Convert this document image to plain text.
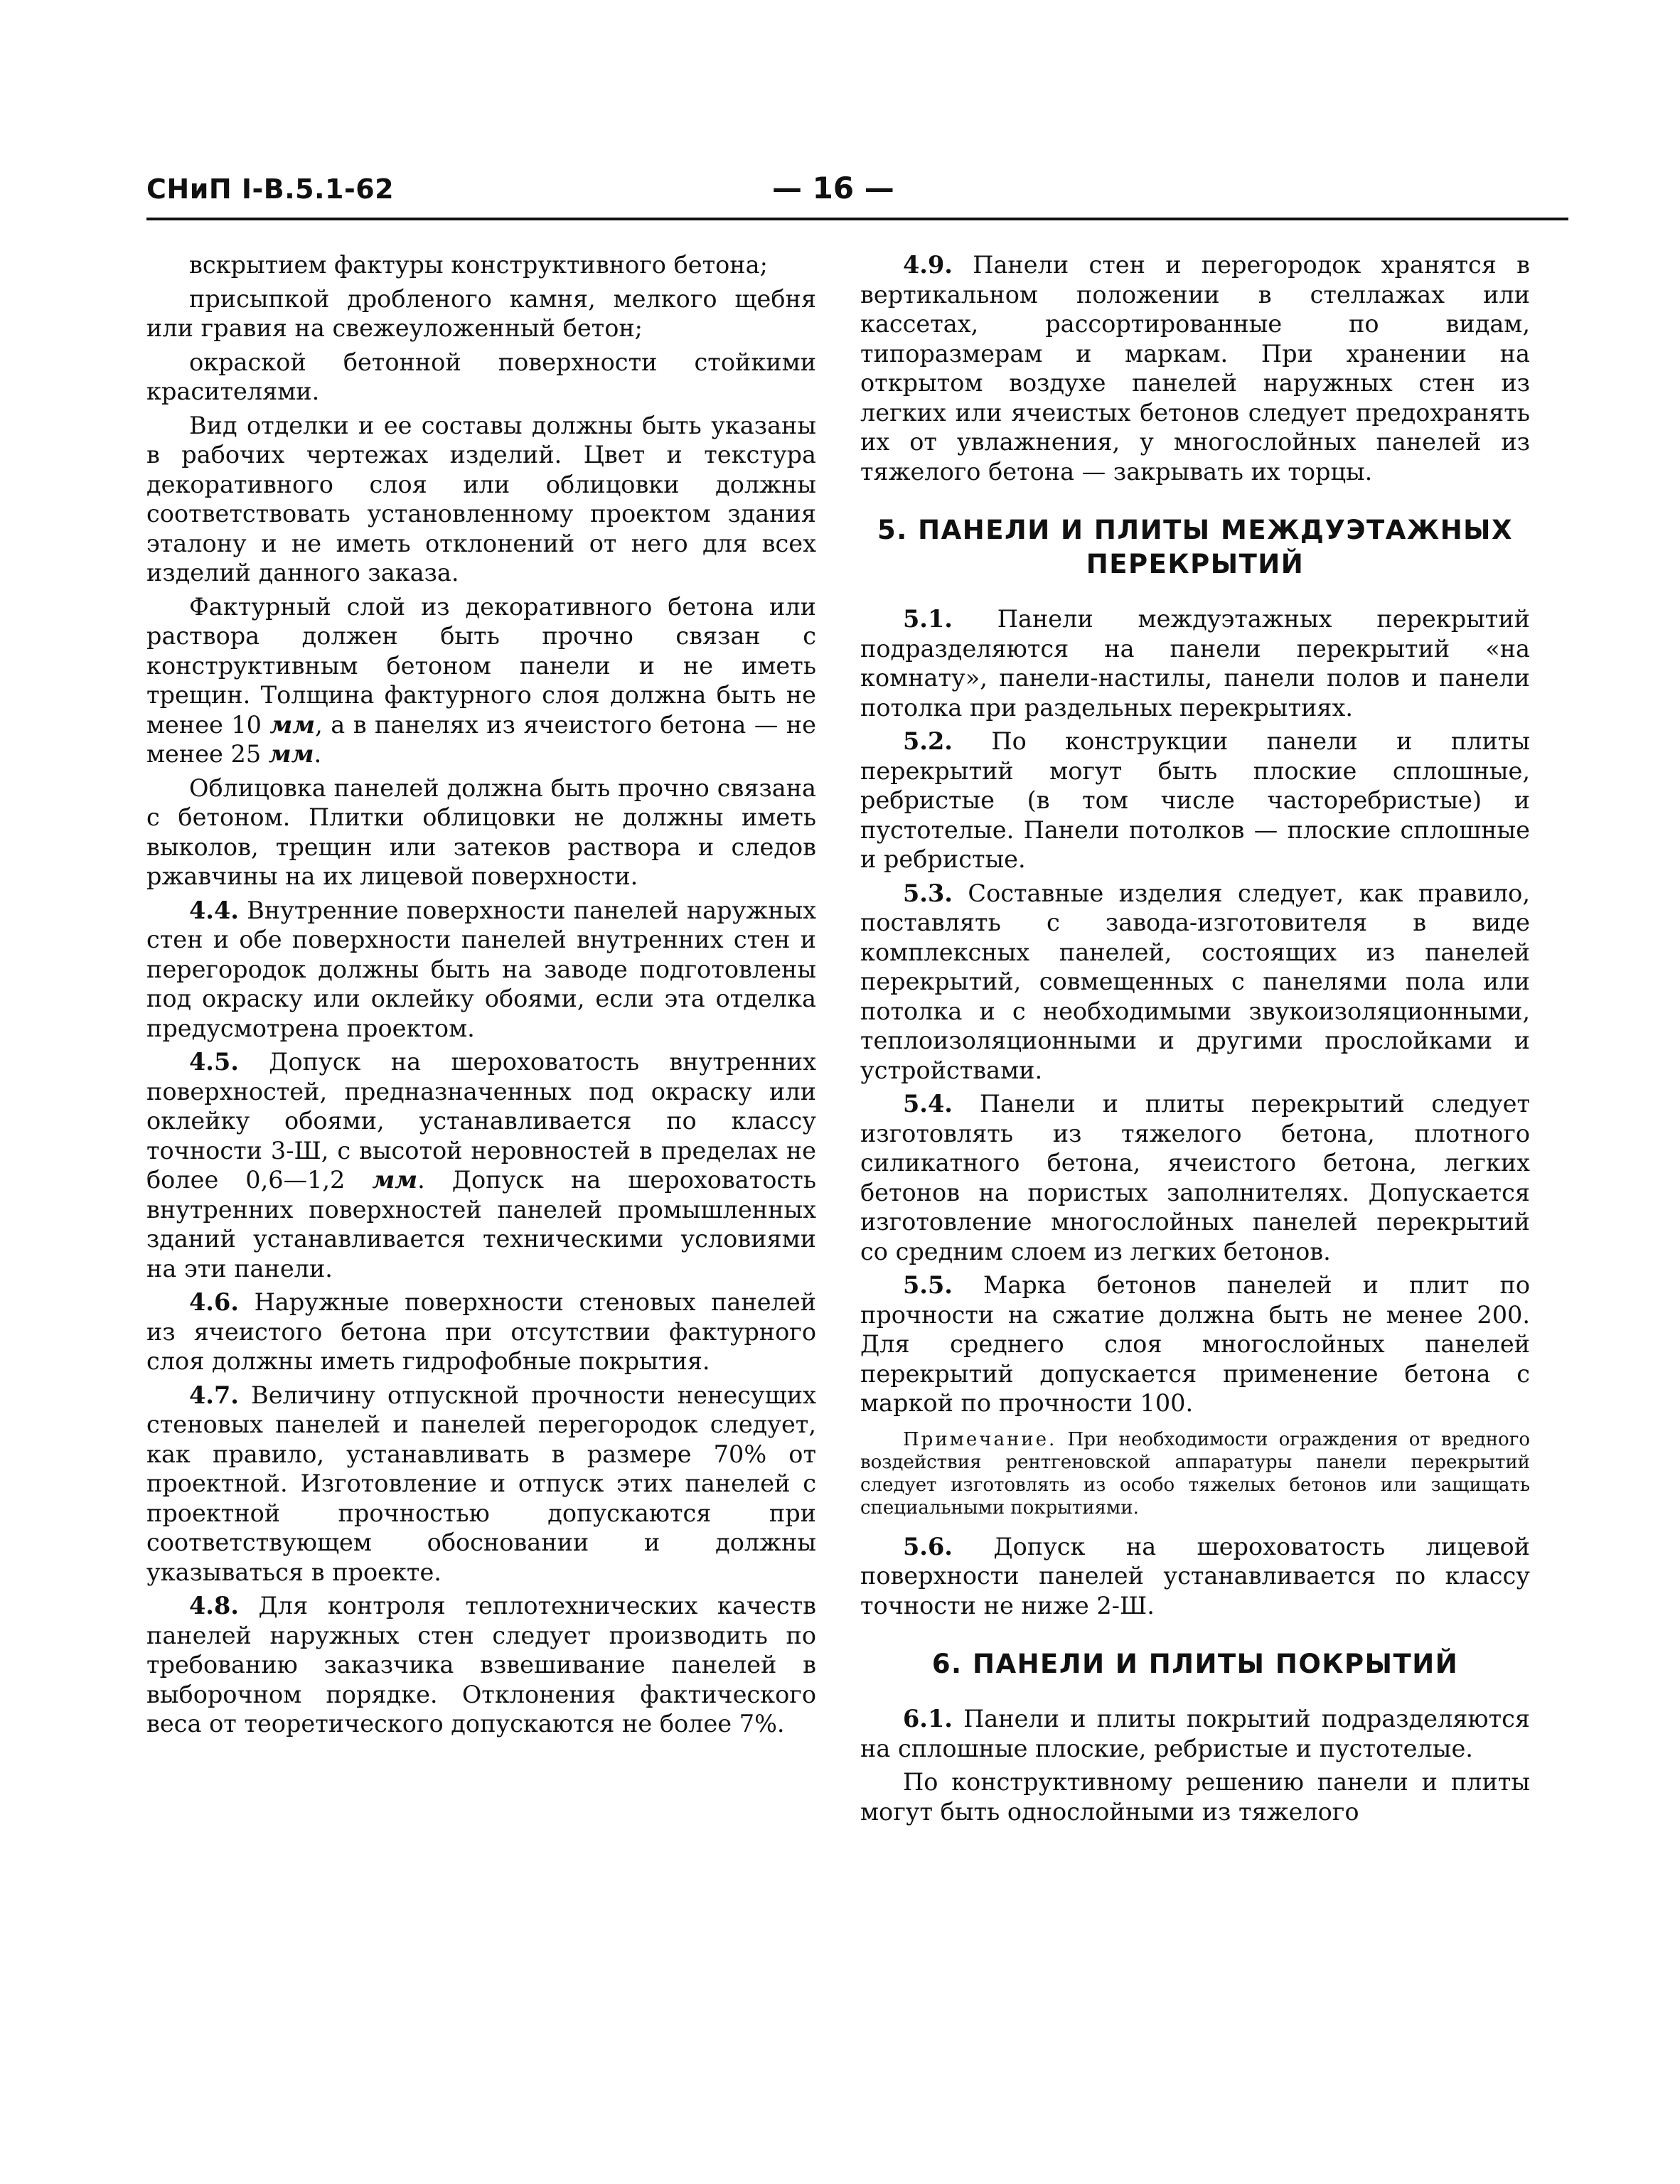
СНиП I-В.5.1-62	— 16 —

вскрытием фактуры конструктивного бетона;

присыпкой дробленого камня, мелкого щебня или гравия на свежеуложенный бетон;

окраской бетонной поверхности стойкими красителями.

Вид отделки и ее составы должны быть указаны в рабочих чертежах изделий. Цвет и текстура декоративного слоя или облицовки должны соответствовать установленному проектом здания эталону и не иметь отклонений от него для всех изделий данного заказа.

Фактурный слой из декоративного бетона или раствора должен быть прочно связан с конструктивным бетоном панели и не иметь трещин. Толщина фактурного слоя должна быть не менее 10 мм, а в панелях из ячеистого бетона — не менее 25 мм.

Облицовка панелей должна быть прочно связана с бетоном. Плитки облицовки не должны иметь выколов, трещин или затеков раствора и следов ржавчины на их лицевой поверхности.

4.4. Внутренние поверхности панелей наружных стен и обе поверхности панелей внутренних стен и перегородок должны быть на заводе подготовлены под окраску или оклейку обоями, если эта отделка предусмотрена проектом.

4.5. Допуск на шероховатость внутренних поверхностей, предназначенных под окраску или оклейку обоями, устанавливается по классу точности 3-Ш, с высотой неровностей в пределах не более 0,6—1,2 мм. Допуск на шероховатость внутренних поверхностей панелей промышленных зданий устанавливается техническими условиями на эти панели.

4.6. Наружные поверхности стеновых панелей из ячеистого бетона при отсутствии фактурного слоя должны иметь гидрофобные покрытия.

4.7. Величину отпускной прочности ненесущих стеновых панелей и панелей перегородок следует, как правило, устанавливать в размере 70% от проектной. Изготовление и отпуск этих панелей с проектной прочностью допускаются при соответствующем обосновании и должны указываться в проекте.

4.8. Для контроля теплотехнических качеств панелей наружных стен следует производить по требованию заказчика взвешивание панелей в выборочном порядке. Отклонения фактического веса от теоретического допускаются не более 7%.

4.9. Панели стен и перегородок хранятся в вертикальном положении в стеллажах или кассетах, рассортированные по видам, типоразмерам и маркам. При хранении на открытом воздухе панелей наружных стен из легких или ячеистых бетонов следует предохранять их от увлажнения, у многослойных панелей из тяжелого бетона — закрывать их торцы.

5. ПАНЕЛИ И ПЛИТЫ МЕЖДУЭТАЖНЫХ ПЕРЕКРЫТИЙ

5.1. Панели междуэтажных перекрытий подразделяются на панели перекрытий «на комнату», панели-настилы, панели полов и панели потолка при раздельных перекрытиях.

5.2. По конструкции панели и плиты перекрытий могут быть плоские сплошные, ребристые (в том числе часторебристые) и пустотелые. Панели потолков — плоские сплошные и ребристые.

5.3. Составные изделия следует, как правило, поставлять с завода-изготовителя в виде комплексных панелей, состоящих из панелей перекрытий, совмещенных с панелями пола или потолка и с необходимыми звукоизоляционными, теплоизоляционными и другими прослойками и устройствами.

5.4. Панели и плиты перекрытий следует изготовлять из тяжелого бетона, плотного силикатного бетона, ячеистого бетона, легких бетонов на пористых заполнителях. Допускается изготовление многослойных панелей перекрытий со средним слоем из легких бетонов.

5.5. Марка бетонов панелей и плит по прочности на сжатие должна быть не менее 200. Для среднего слоя многослойных панелей перекрытий допускается применение бетона с маркой по прочности 100.

Примечание. При необходимости ограждения от вредного воздействия рентгеновской аппаратуры панели перекрытий следует изготовлять из особо тяжелых бетонов или защищать специальными покрытиями.

5.6. Допуск на шероховатость лицевой поверхности панелей устанавливается по классу точности не ниже 2-Ш.

6. ПАНЕЛИ И ПЛИТЫ ПОКРЫТИЙ

6.1. Панели и плиты покрытий подразделяются на сплошные плоские, ребристые и пустотелые.

По конструктивному решению панели и плиты могут быть однослойными из тяжелого
